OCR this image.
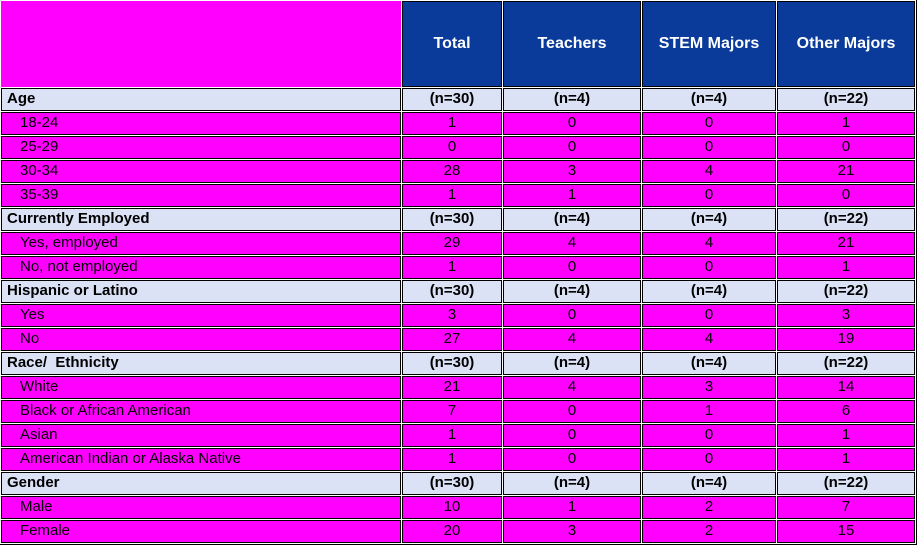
	Total	Teachers	STEM Majors	Other Majors
Age	(n=30)	(n=4)	(n=4)	(n=22)
18-24	1	0	0	1
25-29	0	0	0	0
30-34	28	3	4	21
35-39	1	1	0	0
Currently Employed	(n=30)	(n=4)	(n=4)	(n=22)
Yes, employed	29	4	4	21
No, not employed	1	0	0	1
Hispanic or Latino	(n=30)	(n=4)	(n=4)	(n=22)
Yes	3	0	0	3
No	27	4	4	19
Race/  Ethnicity	(n=30)	(n=4)	(n=4)	(n=22)
White	21	4	3	14
Black or African American	7	0	1	6
Asian	1	0	0	1
American Indian or Alaska Native	1	0	0	1
Gender	(n=30)	(n=4)	(n=4)	(n=22)
Male	10	1	2	7
Female	20	3	2	15
